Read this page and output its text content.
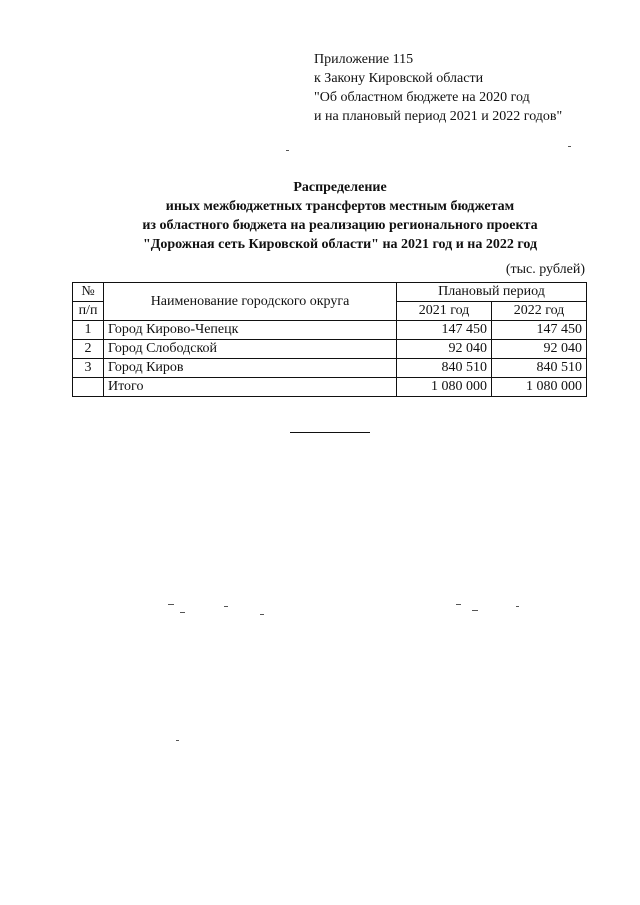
Приложение 115
к Закону Кировской области
"Об областном бюджете на 2020 год
и на плановый период 2021 и 2022 годов"
Распределение
иных межбюджетных трансфертов местным бюджетам
из областного бюджета на реализацию регионального проекта
"Дорожная сеть Кировской области" на 2021 год и на 2022 год
(тыс. рублей)
№	Наименование городского округа	Плановый период	
п/п		2021 год	2022 год
1	Город Кирово-Чепецк	147 450	147 450
2	Город Слободской	92 040	92 040
3	Город Киров	840 510	840 510
	Итого	1 080 000	1 080 000
